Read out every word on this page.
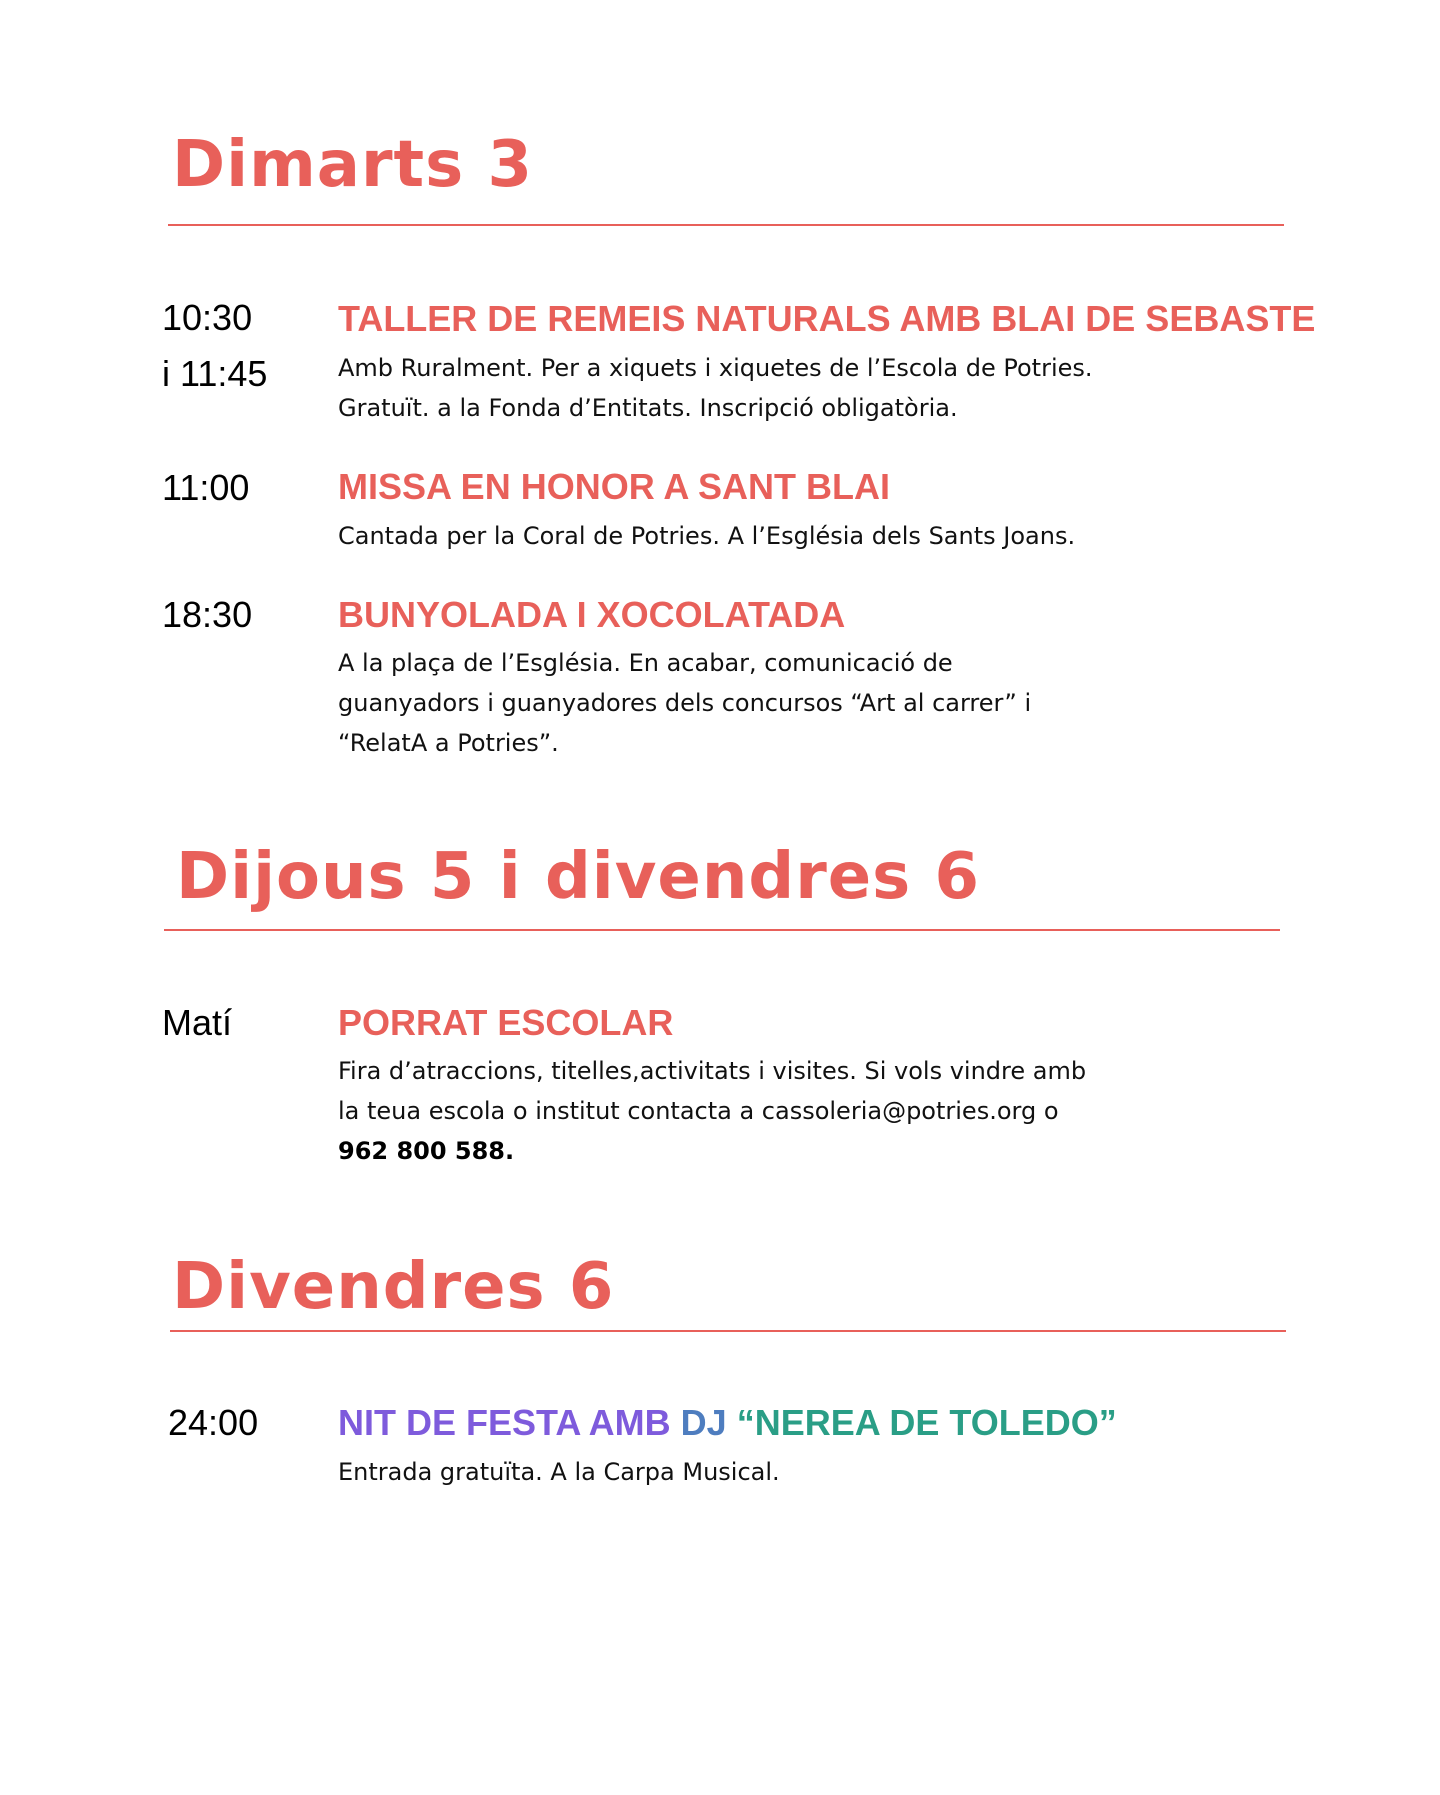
Dimarts 3
10:30
i 11:45
TALLER DE REMEIS NATURALS AMB BLAI DE SEBASTE
Amb Ruralment. Per a xiquets i xiquetes de l’Escola de Potries.
Gratuït. a la Fonda d’Entitats. Inscripció obligatòria.
11:00 MISSA EN HONOR A SANT BLAI
Cantada per la Coral de Potries. A l’Església dels Sants Joans.
18:30 BUNYOLADA I XOCOLATADA
A la plaça de l’Església. En acabar, comunicació de
guanyadors i guanyadores dels concursos “Art al carrer” i
“RelatA a Potries”.
Dijous 5 i divendres 6
Matí	PORRAT ESCOLAR
Fira d’atraccions, titelles,activitats i visites. Si vols vindre amb
la teua escola o institut contacta a cassoleria@potries.org o
962 800 588.
Divendres 6
24:00 NIT DE FESTA AMB DJ “NEREA DE TOLEDO”
Entrada gratuïta. A la Carpa Musical.
